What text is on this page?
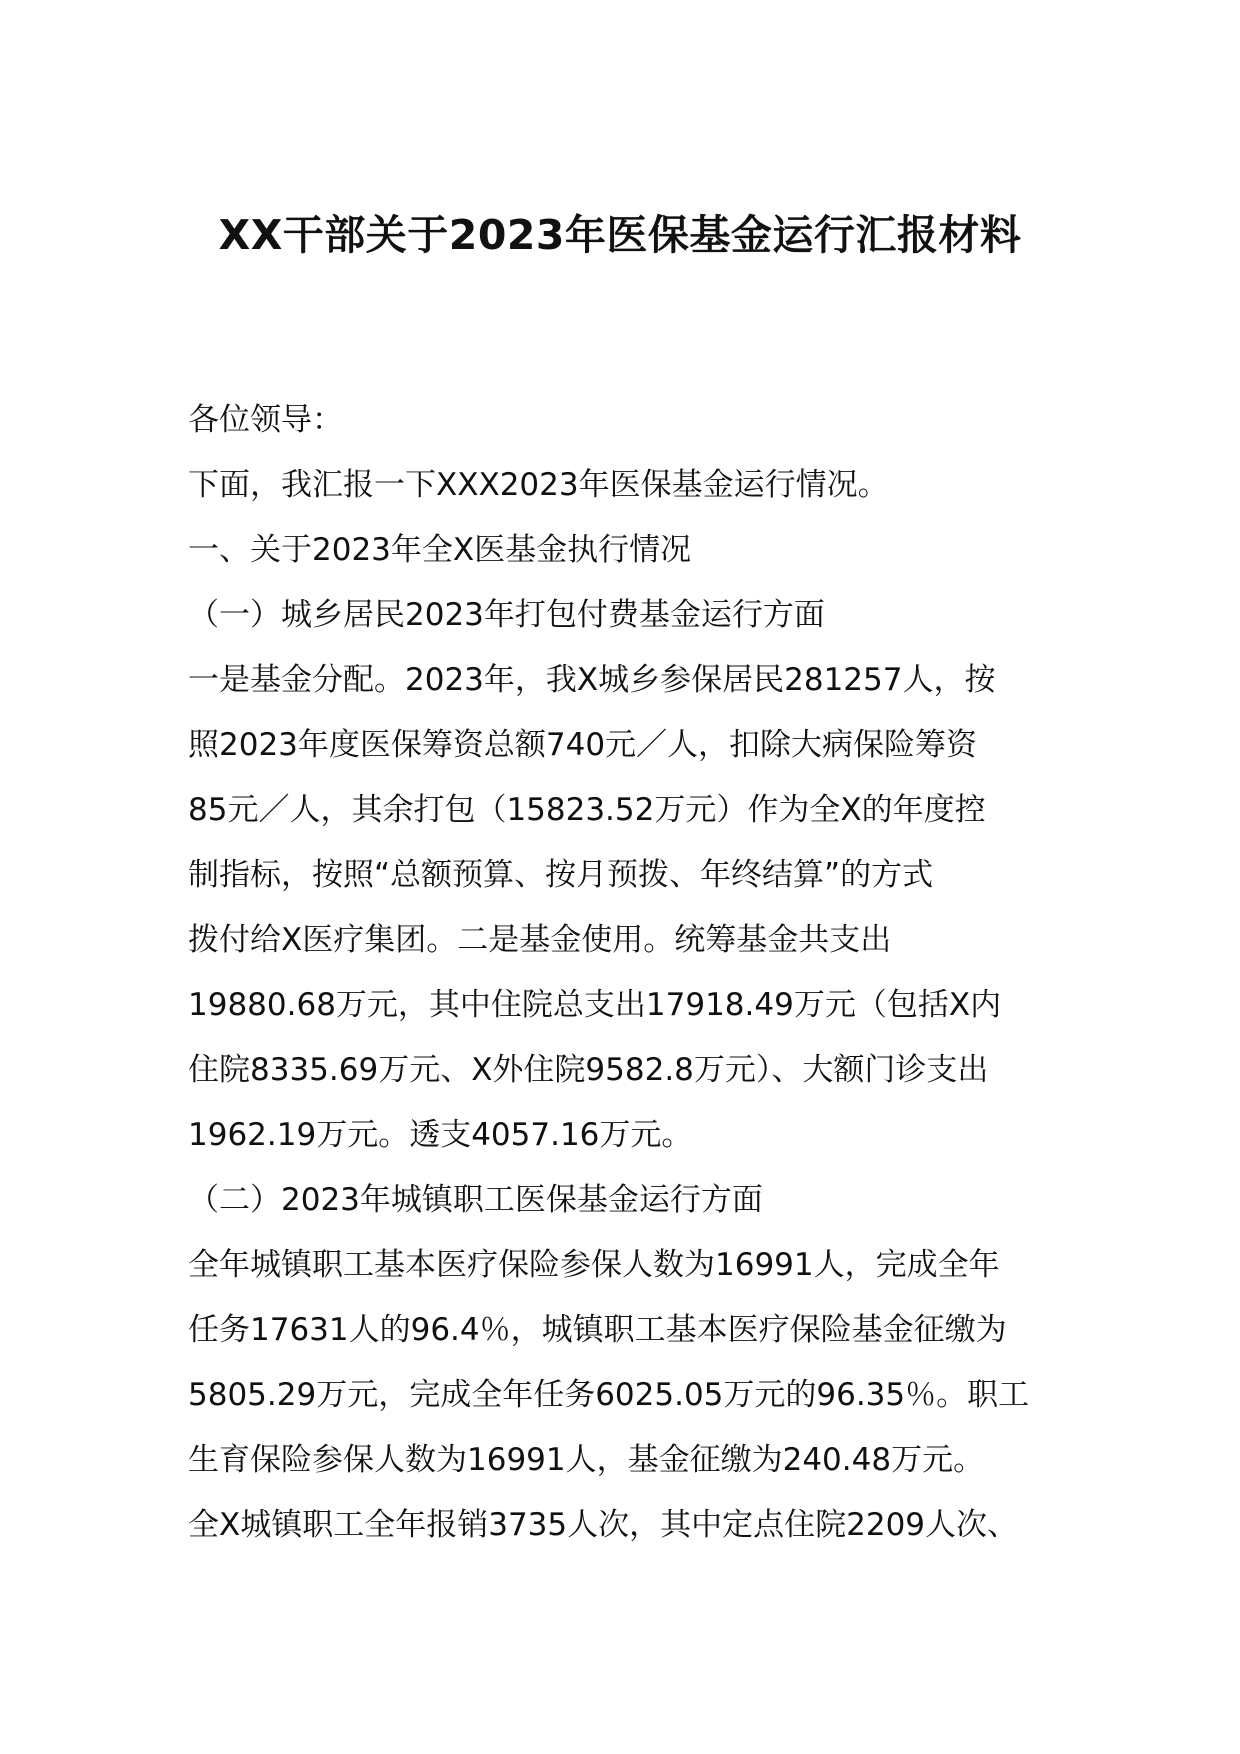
XX干部关于2023年医保基金运行汇报材料

各位领导：

下面，我汇报一下XXX2023年医保基金运行情况。

一、关于2023年全X医基金执行情况

（一）城乡居民2023年打包付费基金运行方面

一是基金分配。2023年，我X城乡参保居民281257人，按

照2023年度医保筹资总额740元／人，扣除大病保险筹资

85元／人，其余打包（15823.52万元）作为全X的年度控

制指标，按照“总额预算、按月预拨、年终结算”的方式

拨付给X医疗集团。二是基金使用。统筹基金共支出

19880.68万元，其中住院总支出17918.49万元（包括X内

住院8335.69万元、X外住院9582.8万元）、大额门诊支出

1962.19万元。透支4057.16万元。

（二）2023年城镇职工医保基金运行方面

全年城镇职工基本医疗保险参保人数为16991人，完成全年

任务17631人的96.4％，城镇职工基本医疗保险基金征缴为

5805.29万元，完成全年任务6025.05万元的96.35％。职工

生育保险参保人数为16991人，基金征缴为240.48万元。

全X城镇职工全年报销3735人次，其中定点住院2209人次、
